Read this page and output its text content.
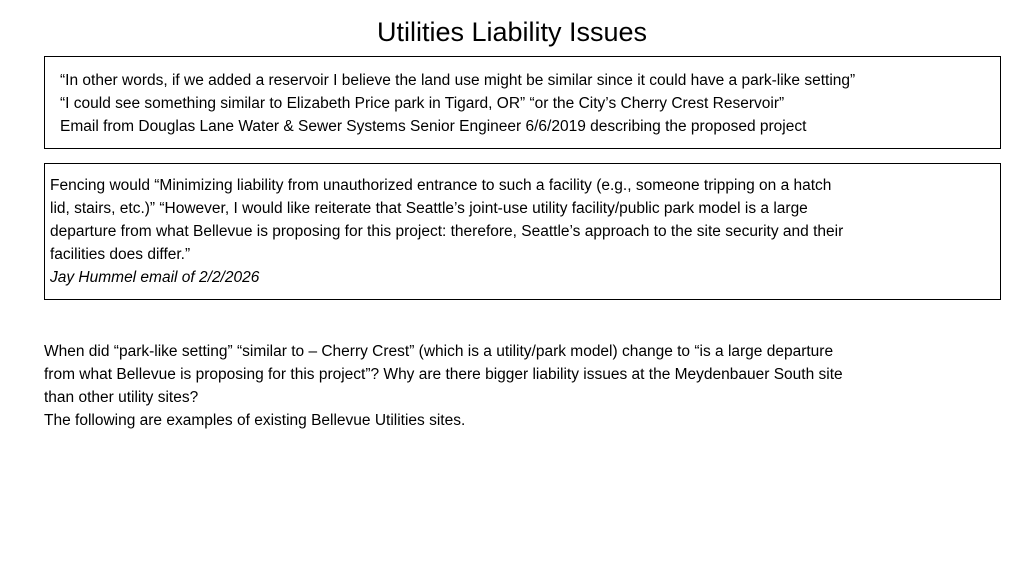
Utilities Liability Issues
“In other words, if we added a reservoir I believe the land use might be similar since it could have a park-like setting”
“I could see something similar to Elizabeth Price park in Tigard, OR” “or the City’s Cherry Crest Reservoir”
Email from Douglas Lane Water & Sewer Systems Senior Engineer 6/6/2019 describing the proposed project
Fencing would “Minimizing liability from unauthorized entrance to such a facility (e.g., someone tripping on a hatch
lid, stairs, etc.)” “However, I would like reiterate that Seattle’s joint-use utility facility/public park model is a large
departure from what Bellevue is proposing for this project: therefore, Seattle’s approach to the site security and their
facilities does differ.”
Jay Hummel email of 2/2/2026
When did “park-like setting” “similar to – Cherry Crest” (which is a utility/park model) change to “is a large departure
from what Bellevue is proposing for this project”? Why are there bigger liability issues at the Meydenbauer South site
than other utility sites?
The following are examples of existing Bellevue Utilities sites.
